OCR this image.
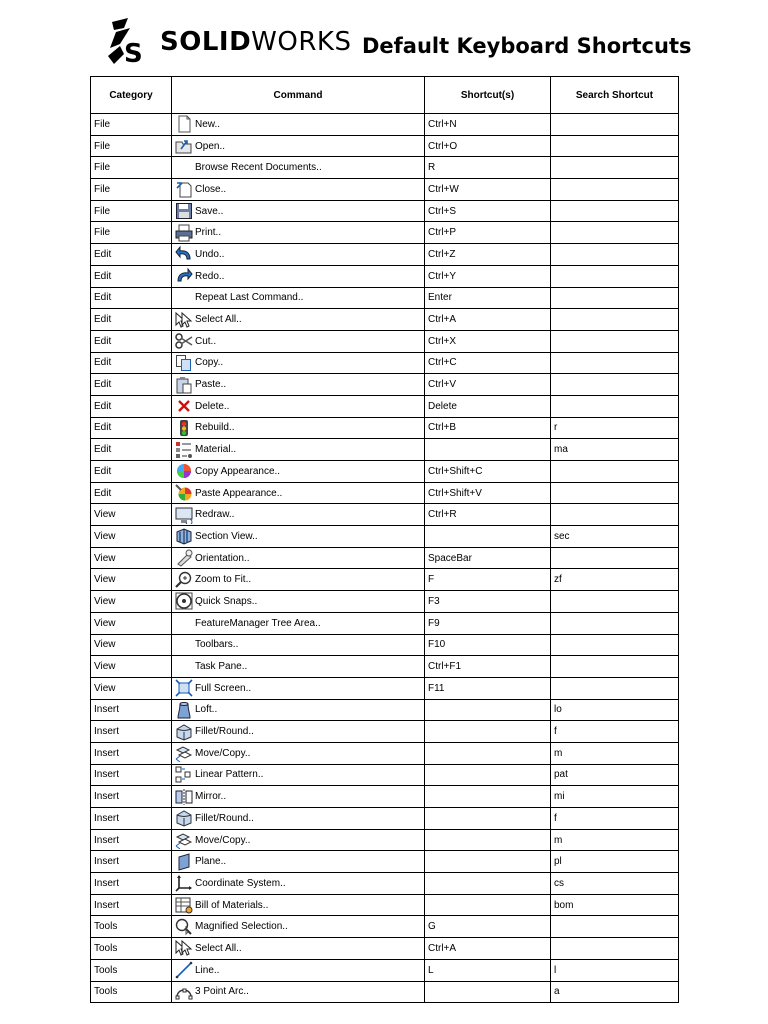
S SOLIDWORKS Default Keyboard Shortcuts
Category	Command	Shortcut(s)	Search Shortcut
File	New..	Ctrl+N	
File	Open..	Ctrl+O	
File	Browse Recent Documents..	R	
File	Close..	Ctrl+W	
File	Save..	Ctrl+S	
File	Print..	Ctrl+P	
Edit	Undo..	Ctrl+Z	
Edit	Redo..	Ctrl+Y	
Edit	Repeat Last Command..	Enter	
Edit	Select All..	Ctrl+A	
Edit	Cut..	Ctrl+X	
Edit	Copy..	Ctrl+C	
Edit	Paste..	Ctrl+V	
Edit	Delete..	Delete	
Edit	Rebuild..	Ctrl+B	r
Edit	Material..		ma
Edit	Copy Appearance..	Ctrl+Shift+C	
Edit	Paste Appearance..	Ctrl+Shift+V	
View	Redraw..	Ctrl+R	
View	Section View..		sec
View	Orientation..	SpaceBar	
View	Zoom to Fit..	F	zf
View	Quick Snaps..	F3	
View	FeatureManager Tree Area..	F9	
View	Toolbars..	F10	
View	Task Pane..	Ctrl+F1	
View	Full Screen..	F11	
Insert	Loft..		lo
Insert	Fillet/Round..		f
Insert	Move/Copy..		m
Insert	Linear Pattern..		pat
Insert	Mirror..		mi
Insert	Fillet/Round..		f
Insert	Move/Copy..		m
Insert	Plane..		pl
Insert	Coordinate System..		cs
Insert	Bill of Materials..		bom
Tools	Magnified Selection..	G	
Tools	Select All..	Ctrl+A	
Tools	Line..	L	l
Tools	3 Point Arc..		a
